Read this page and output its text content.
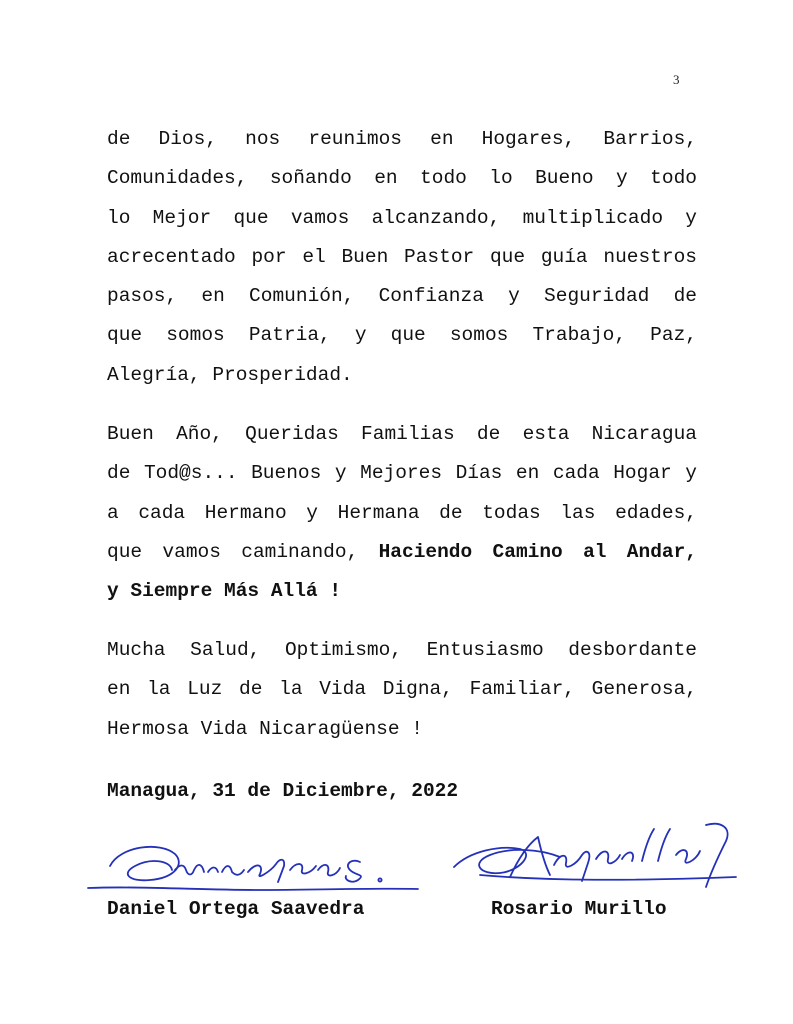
3

de Dios, nos reunimos en Hogares, Barrios,
Comunidades, soñando en todo lo Bueno y todo
lo Mejor que vamos alcanzando, multiplicado y
acrecentado por el Buen Pastor que guía nuestros
pasos, en Comunión, Confianza y Seguridad de
que somos Patria, y que somos Trabajo, Paz,
Alegría, Prosperidad.

Buen Año, Queridas Familias de esta Nicaragua
de Tod@s... Buenos y Mejores Días en cada Hogar y
a cada Hermano y Hermana de todas las edades,
que vamos caminando, Haciendo Camino al Andar,
y Siempre Más Allá !

Mucha Salud, Optimismo, Entusiasmo desbordante
en la Luz de la Vida Digna, Familiar, Generosa,
Hermosa Vida Nicaragüense !

Managua, 31 de Diciembre, 2022

Daniel Ortega Saavedra	Rosario Murillo
